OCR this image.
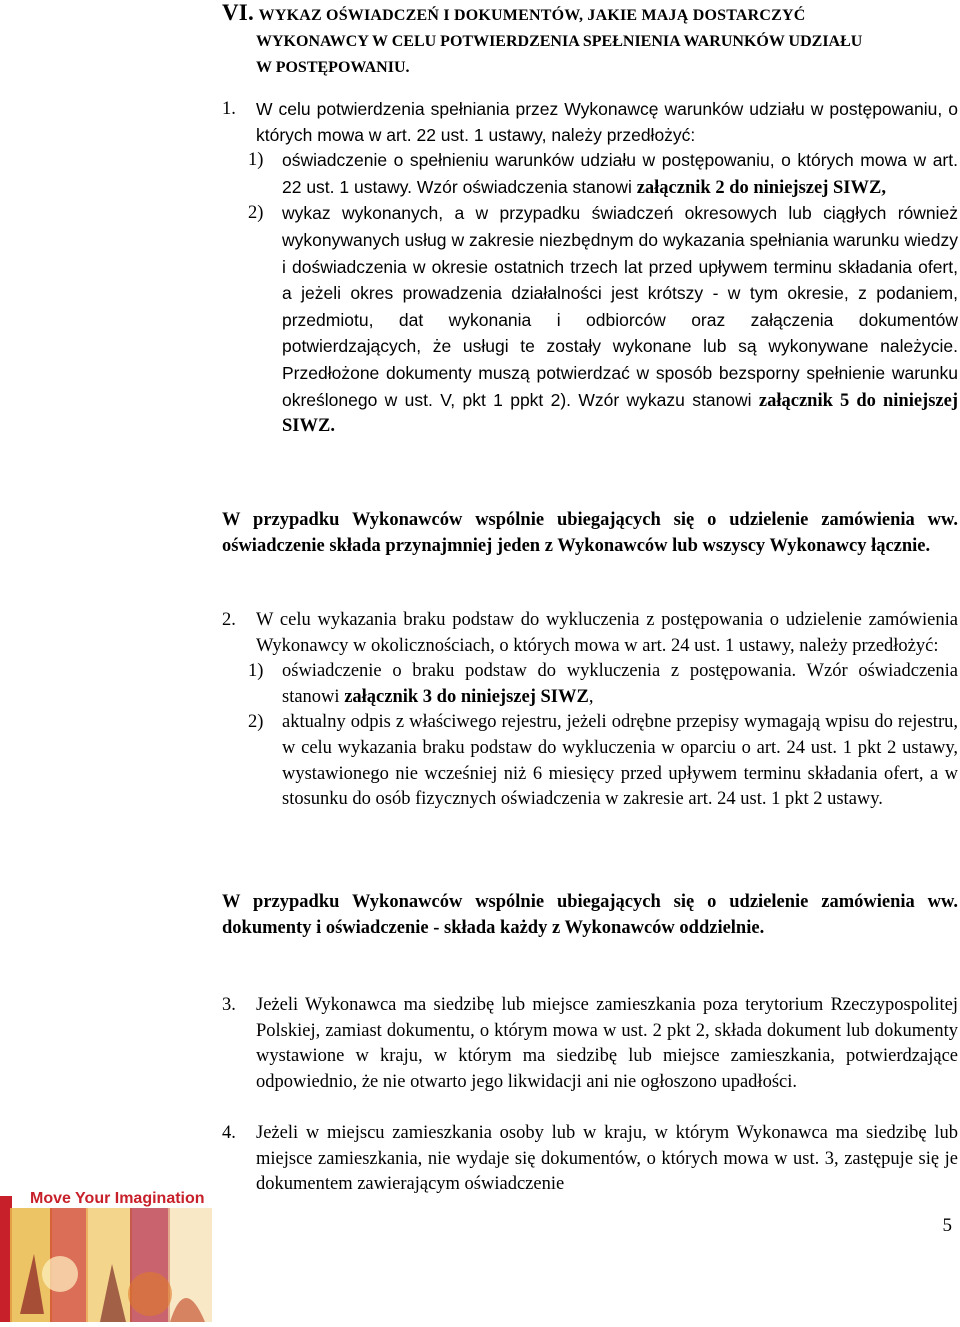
VI. WYKAZ OŚWIADCZEŃ I DOKUMENTÓW, JAKIE MAJĄ DOSTARCZYĆ
WYKONAWCY W CELU POTWIERDZENIA SPEŁNIENIA WARUNKÓW UDZIAŁU
W POSTĘPOWANIU.
1.	W celu potwierdzenia spełniania przez Wykonawcę warunków udziału w postępowaniu, o których mowa w art. 22 ust. 1 ustawy, należy przedłożyć:
1)	oświadczenie o spełnieniu warunków udziału w postępowaniu, o których mowa w art. 22 ust. 1 ustawy. Wzór oświadczenia stanowi załącznik 2 do niniejszej SIWZ,
2)	wykaz wykonanych, a w przypadku świadczeń okresowych lub ciągłych również wykonywanych usług w zakresie niezbędnym do wykazania spełniania warunku wiedzy i doświadczenia w okresie ostatnich trzech lat przed upływem terminu składania ofert, a jeżeli okres prowadzenia działalności jest krótszy - w tym okresie, z podaniem, przedmiotu, dat wykonania i odbiorców oraz załączenia dokumentów potwierdzających, że usługi te zostały wykonane lub są wykonywane należycie. Przedłożone dokumenty muszą potwierdzać w sposób bezsporny spełnienie warunku określonego w ust. V, pkt 1 ppkt 2). Wzór wykazu stanowi załącznik 5 do niniejszej SIWZ.
W przypadku Wykonawców wspólnie ubiegających się o udzielenie zamówienia ww. oświadczenie składa przynajmniej jeden z Wykonawców lub wszyscy Wykonawcy łącznie.
2.	W celu wykazania braku podstaw do wykluczenia z postępowania o udzielenie zamówienia Wykonawcy w okolicznościach, o których mowa w art. 24 ust. 1 ustawy, należy przedłożyć:
1)	oświadczenie o braku podstaw do wykluczenia z postępowania. Wzór oświadczenia stanowi załącznik 3 do niniejszej SIWZ,
2)	aktualny odpis z właściwego rejestru, jeżeli odrębne przepisy wymagają wpisu do rejestru, w celu wykazania braku podstaw do wykluczenia w oparciu o art. 24 ust. 1 pkt 2 ustawy, wystawionego nie wcześniej niż 6 miesięcy przed upływem terminu składania ofert, a w stosunku do osób fizycznych oświadczenia w zakresie art. 24 ust. 1 pkt 2 ustawy.
W przypadku Wykonawców wspólnie ubiegających się o udzielenie zamówienia ww. dokumenty i oświadczenie - składa każdy z Wykonawców oddzielnie.
3.	Jeżeli Wykonawca ma siedzibę lub miejsce zamieszkania poza terytorium Rzeczypospolitej Polskiej, zamiast dokumentu, o którym mowa w ust. 2 pkt 2, składa dokument lub dokumenty wystawione w kraju, w którym ma siedzibę lub miejsce zamieszkania, potwierdzające odpowiednio, że nie otwarto jego likwidacji ani nie ogłoszono upadłości.
4.	Jeżeli w miejscu zamieszkania osoby lub w kraju, w którym Wykonawca ma siedzibę lub miejsce zamieszkania, nie wydaje się dokumentów, o których mowa w ust. 3, zastępuje się je dokumentem zawierającym oświadczenie
Move Your Imagination
5
